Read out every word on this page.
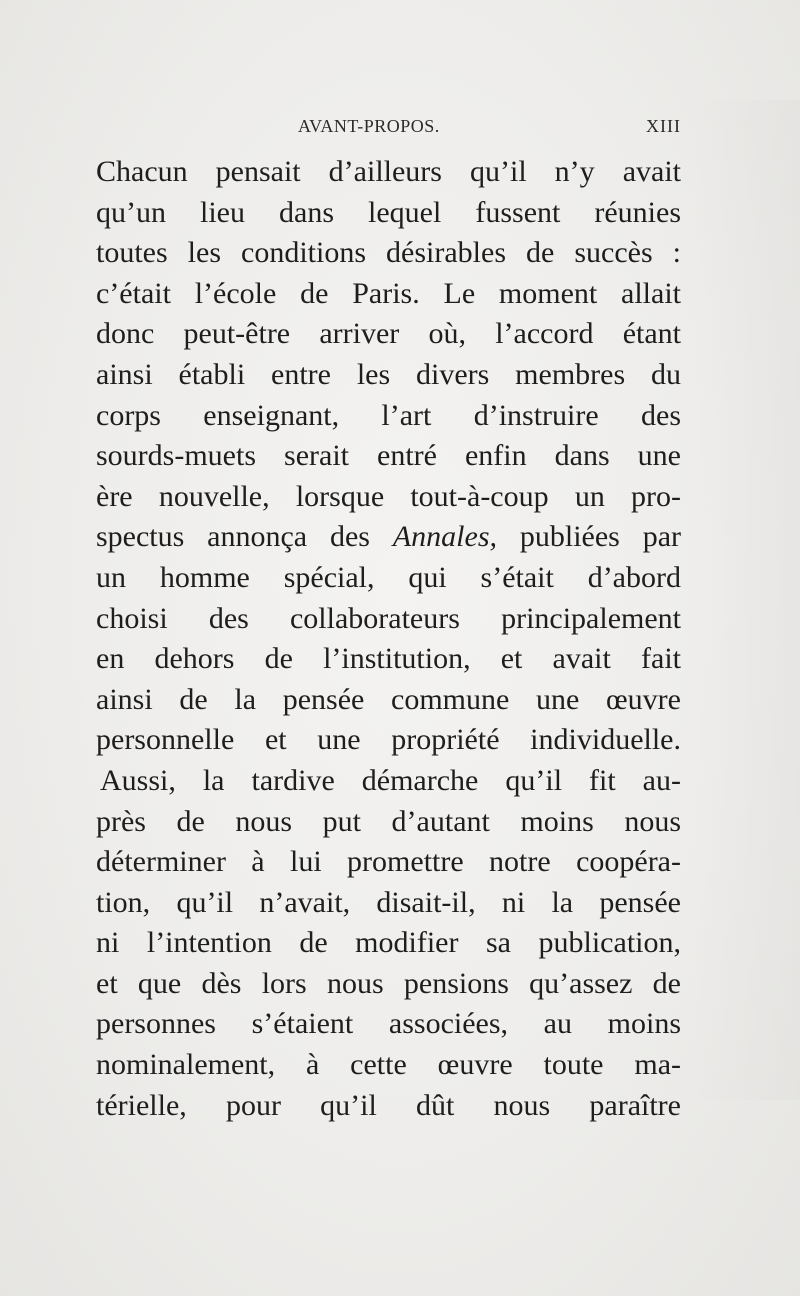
AVANT-PROPOS.	XIII
Chacun pensait d’ailleurs qu’il n’y avait
qu’un lieu dans lequel fussent réunies
toutes les conditions désirables de succès :
c’était l’école de Paris. Le moment allait
donc peut-être arriver où, l’accord étant
ainsi établi entre les divers membres du
corps enseignant, l’art d’instruire des
sourds-muets serait entré enfin dans une
ère nouvelle, lorsque tout-à-coup un pro-
spectus annonça des Annales, publiées par
un homme spécial, qui s’était d’abord
choisi des collaborateurs principalement
en dehors de l’institution, et avait fait
ainsi de la pensée commune une œuvre
personnelle et une propriété individuelle.
Aussi, la tardive démarche qu’il fit au-
près de nous put d’autant moins nous
déterminer à lui promettre notre coopéra-
tion, qu’il n’avait, disait-il, ni la pensée
ni l’intention de modifier sa publication,
et que dès lors nous pensions qu’assez de
personnes s’étaient associées, au moins
nominalement, à cette œuvre toute ma-
térielle, pour qu’il dût nous paraître
